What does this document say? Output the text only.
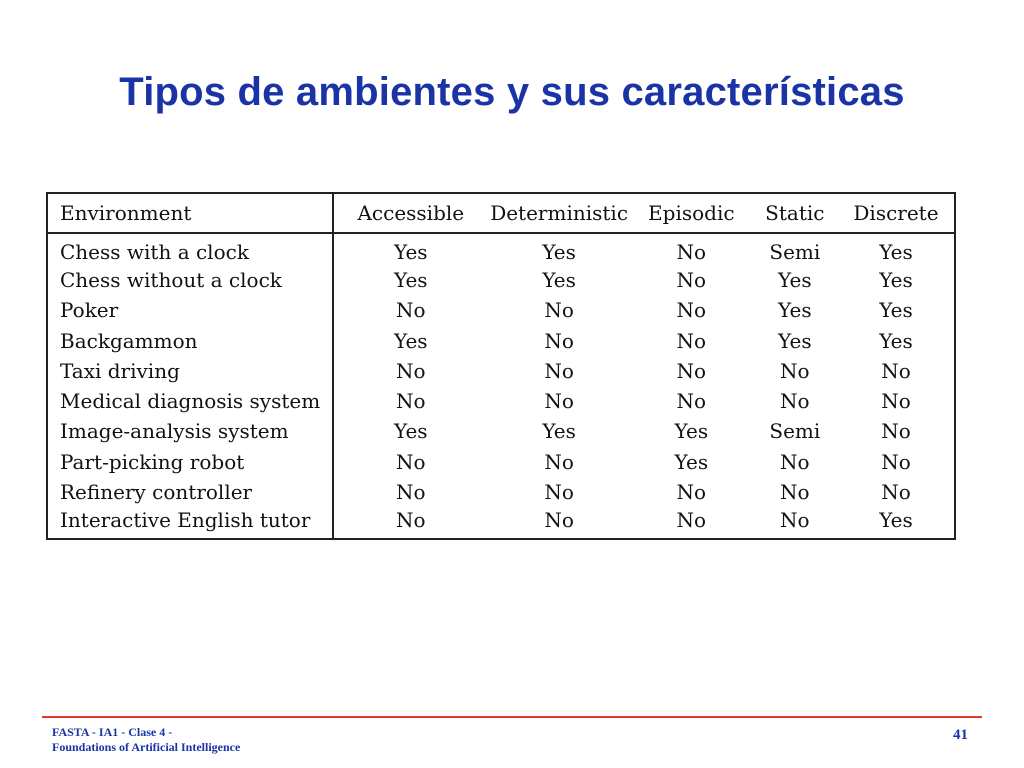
Tipos de ambientes y sus características
Environment	Accessible	Deterministic	Episodic	Static	Discrete
Chess with a clock	Yes	Yes	No	Semi	Yes
Chess without a clock	Yes	Yes	No	Yes	Yes
Poker	No	No	No	Yes	Yes
Backgammon	Yes	No	No	Yes	Yes
Taxi driving	No	No	No	No	No
Medical diagnosis system	No	No	No	No	No
Image-analysis system	Yes	Yes	Yes	Semi	No
Part-picking robot	No	No	Yes	No	No
Refinery controller	No	No	No	No	No
Interactive English tutor	No	No	No	No	Yes
FASTA - IA1 - Clase 4 -
Foundations of Artificial Intelligence
41
